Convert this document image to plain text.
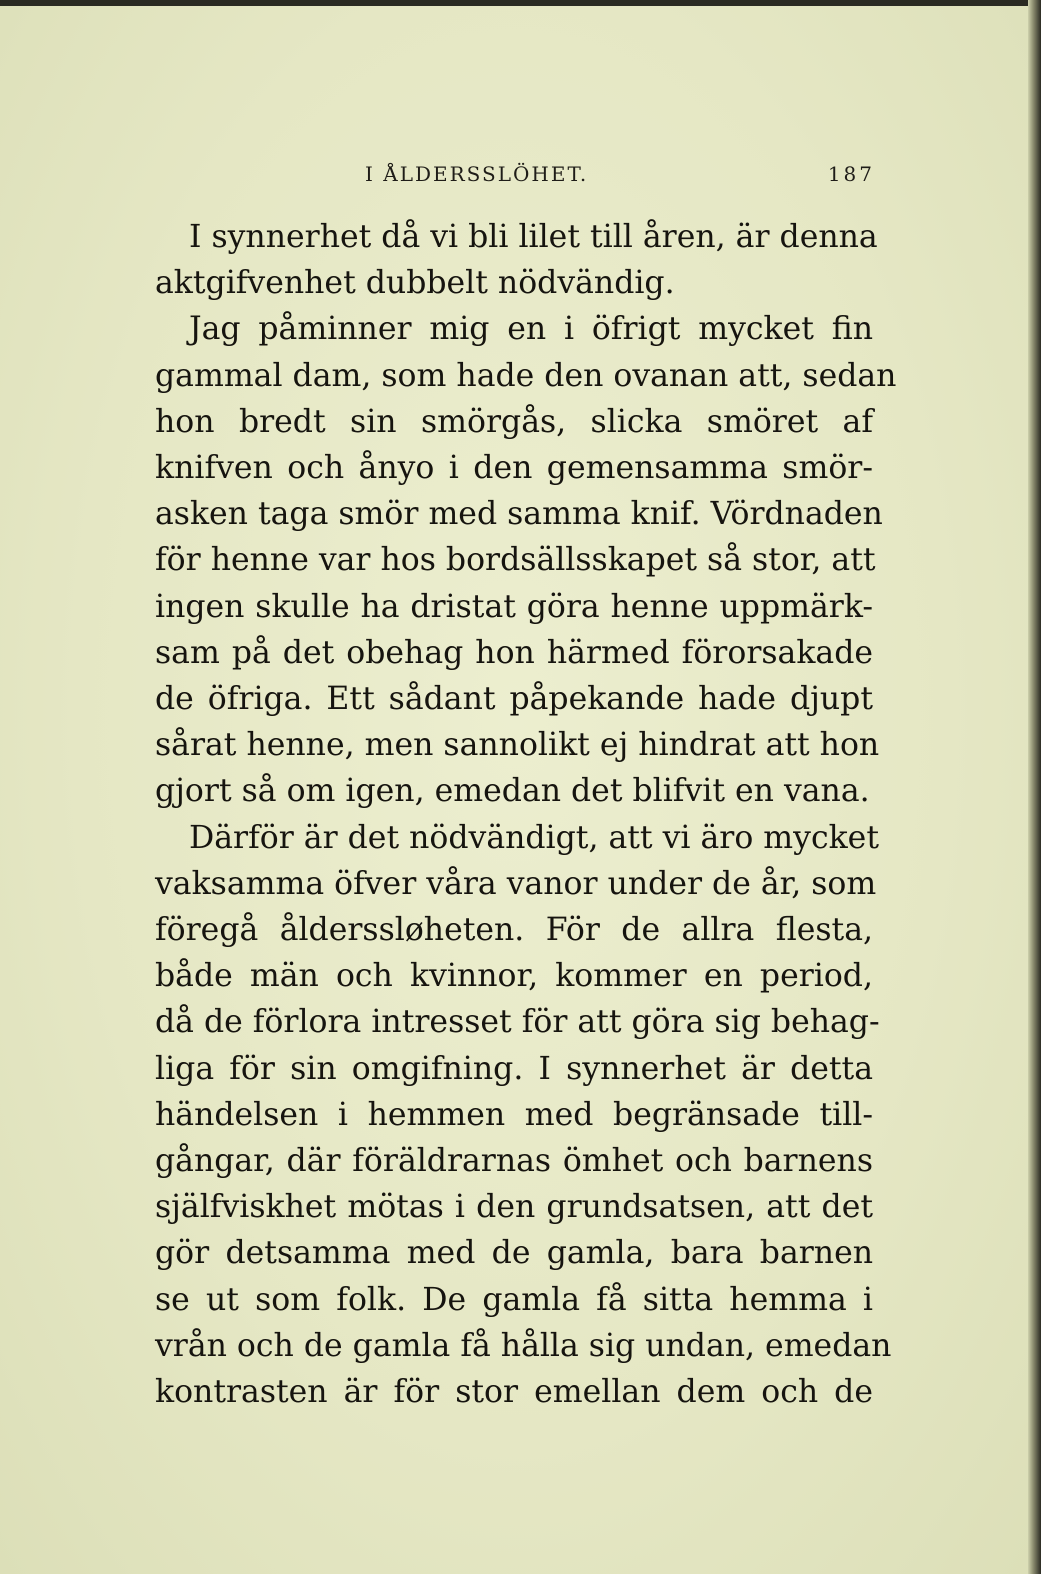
I ÅLDERSSLÖHET.	187
I synnerhet då vi bli lilet till åren, är denna
aktgifvenhet dubbelt nödvändig.
Jag påminner mig en i öfrigt mycket fin
gammal dam, som hade den ovanan att, sedan
hon bredt sin smörgås, slicka smöret af
knifven och ånyo i den gemensamma smör-
asken taga smör med samma knif. Vördnaden
för henne var hos bordsällsskapet så stor, att
ingen skulle ha dristat göra henne uppmärk-
sam på det obehag hon härmed förorsakade
de öfriga. Ett sådant påpekande hade djupt
sårat henne, men sannolikt ej hindrat att hon
gjort så om igen, emedan det blifvit en vana.
Därför är det nödvändigt, att vi äro mycket
vaksamma öfver våra vanor under de år, som
föregå ålderssløheten. För de allra flesta,
både män och kvinnor, kommer en period,
då de förlora intresset för att göra sig behag-
liga för sin omgifning. I synnerhet är detta
händelsen i hemmen med begränsade till-
gångar, där föräldrarnas ömhet och barnens
själfviskhet mötas i den grundsatsen, att det
gör detsamma med de gamla, bara barnen
se ut som folk. De gamla få sitta hemma i
vrån och de gamla få hålla sig undan, emedan
kontrasten är för stor emellan dem och de
